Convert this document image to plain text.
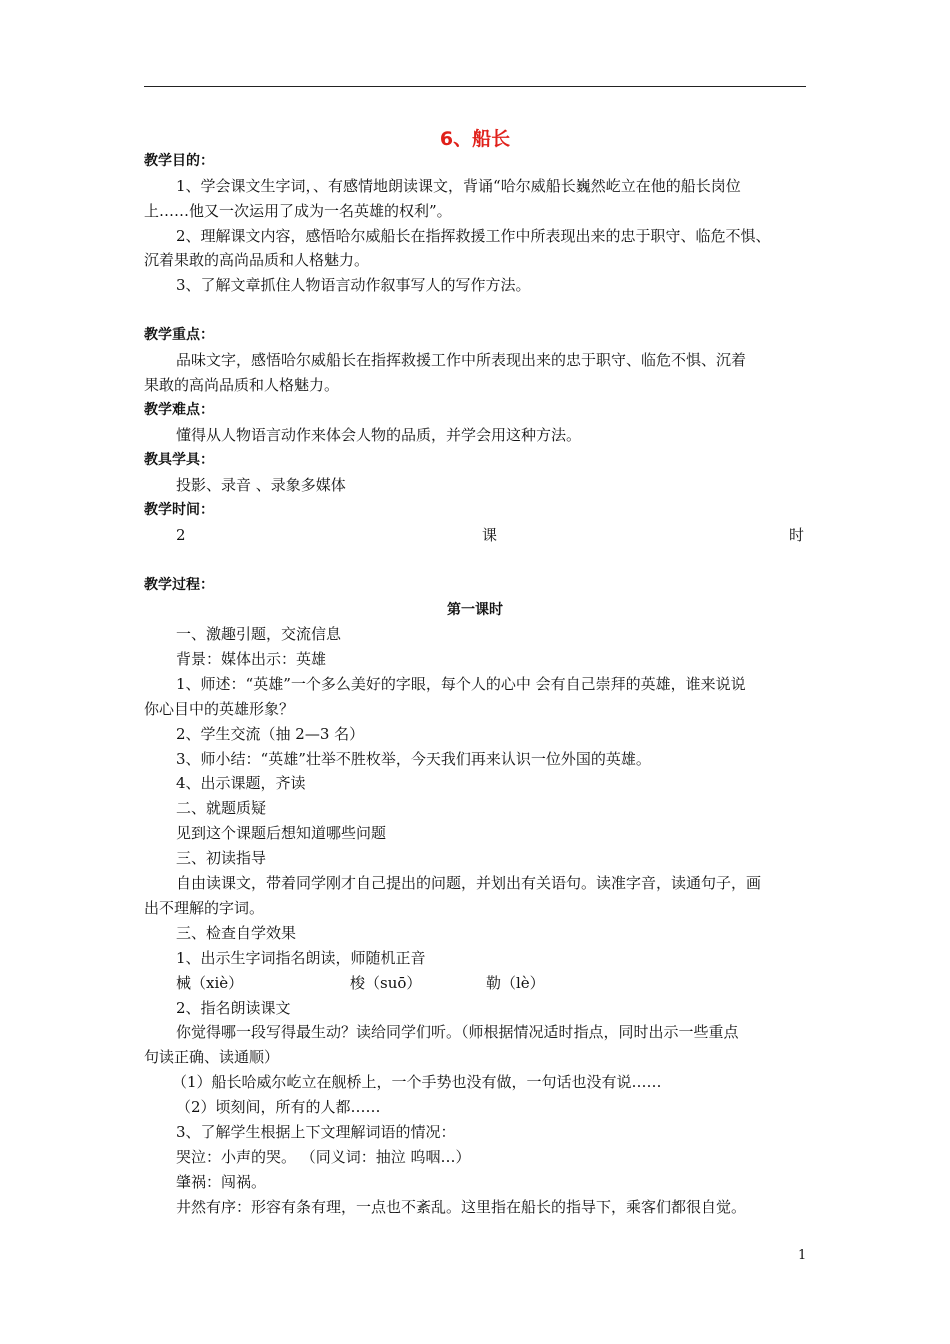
6、船长
教学目的：
1、学会课文生字词，、有感情地朗读课文，背诵“哈尔威船长巍然屹立在他的船长岗位
上……他又一次运用了成为一名英雄的权利”。
2、理解课文内容，感悟哈尔威船长在指挥救援工作中所表现出来的忠于职守、临危不惧、
沉着果敢的高尚品质和人格魅力。
3、了解文章抓住人物语言动作叙事写人的写作方法。
教学重点：
品味文字，感悟哈尔威船长在指挥救援工作中所表现出来的忠于职守、临危不惧、沉着
果敢的高尚品质和人格魅力。
教学难点：
懂得从人物语言动作来体会人物的品质，并学会用这种方法。
教具学具：
投影、录音 、录象多媒体
教学时间：
2	课	时
教学过程：
第一课时
一、激趣引题，交流信息
背景：媒体出示：英雄
1、师述：“英雄”一个多么美好的字眼，每个人的心中 会有自己崇拜的英雄，谁来说说
你心目中的英雄形象？
2、学生交流（抽 2—3 名）
3、师小结：“英雄”壮举不胜枚举，今天我们再来认识一位外国的英雄。
4、出示课题，齐读
二、就题质疑
见到这个课题后想知道哪些问题
三、初读指导
自由读课文，带着同学刚才自己提出的问题，并划出有关语句。读准字音，读通句子，画
出不理解的字词。
三、检查自学效果
1、出示生字词指名朗读，师随机正音
械（xiè）	梭（suō）	勒（lè）
2、指名朗读课文
你觉得哪一段写得最生动？读给同学们听。（师根据情况适时指点，同时出示一些重点
句读正确、读通顺）
（1）船长哈威尔屹立在舰桥上，一个手势也没有做，一句话也没有说……
（2）顷刻间，所有的人都……
3、了解学生根据上下文理解词语的情况：
哭泣：小声的哭。 （同义词：抽泣 呜咽…）
肇祸：闯祸。
井然有序：形容有条有理，一点也不紊乱。这里指在船长的指导下，乘客们都很自觉。
1
